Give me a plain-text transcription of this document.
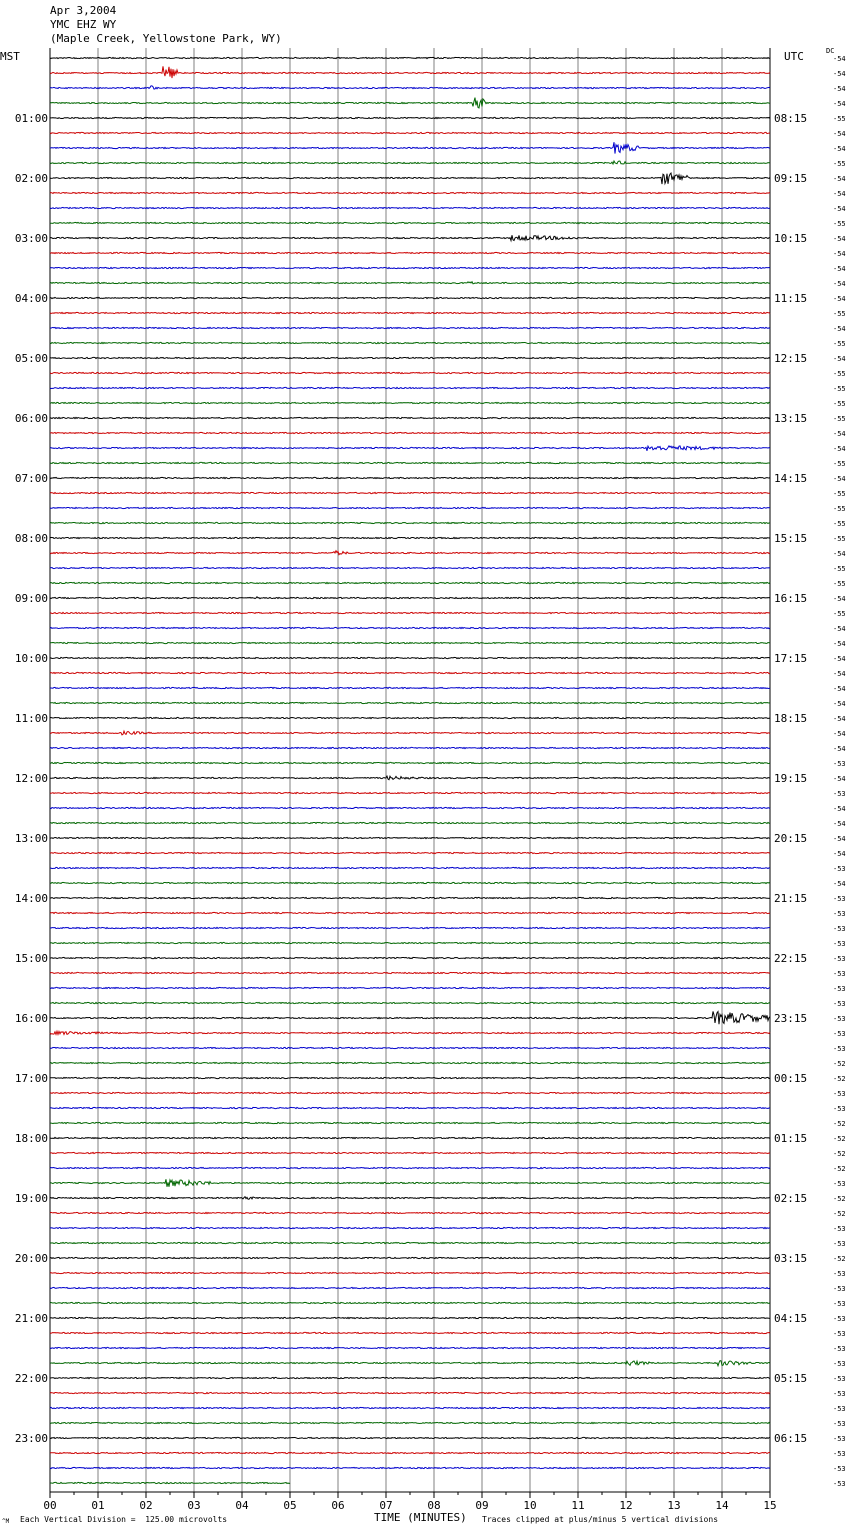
Apr 3,2004
YMC EHZ WY
(Maple Creek, Yellowstone Park, WY)
MST	UTC	DC
00	01	02	03	04	05	06	07	08	09	10	11	12	13	14	15
-54
-54
-54
-54
-55
-54
-54
-55
-54
-54
-54
-55
-54
-54
-54
-54
-54
-55
-54
-55
-54
-55
-55
-55
-55
-54
-54
-55
-54
-55
-55
-55
-55
-54
-55
-55
-54
-55
-54
-54
-54
-54
-54
-54
-54
-54
-54
-53
-54
-53
-54
-54
-54
-54
-53
-54
-53
-53
-53
-53
-53
-53
-53
-53
-53
-53
-53
-52
-52
-53
-53
-52
-52
-52
-52
-53
-52
-52
-53
-53
-52
-53
-53
-53
-53
-53
-53
-53
-53
-53
-53
-53
-53
-53
-53
-53
01:00
02:00
03:00
04:00
05:00
06:00
07:00
08:00
09:00
10:00
11:00
12:00
13:00
14:00
15:00
16:00
17:00
18:00
19:00
20:00
21:00
22:00
23:00
08:15
09:15
10:15
11:15
12:15
13:15
14:15
15:15
16:15
17:15
18:15
19:15
20:15
21:15
22:15
23:15
00:15
01:15
02:15
03:15
04:15
05:15
06:15
TIME (MINUTES)
Each Vertical Division =  125.00 microvolts	Traces clipped at plus/minus 5 vertical divisions
^M
